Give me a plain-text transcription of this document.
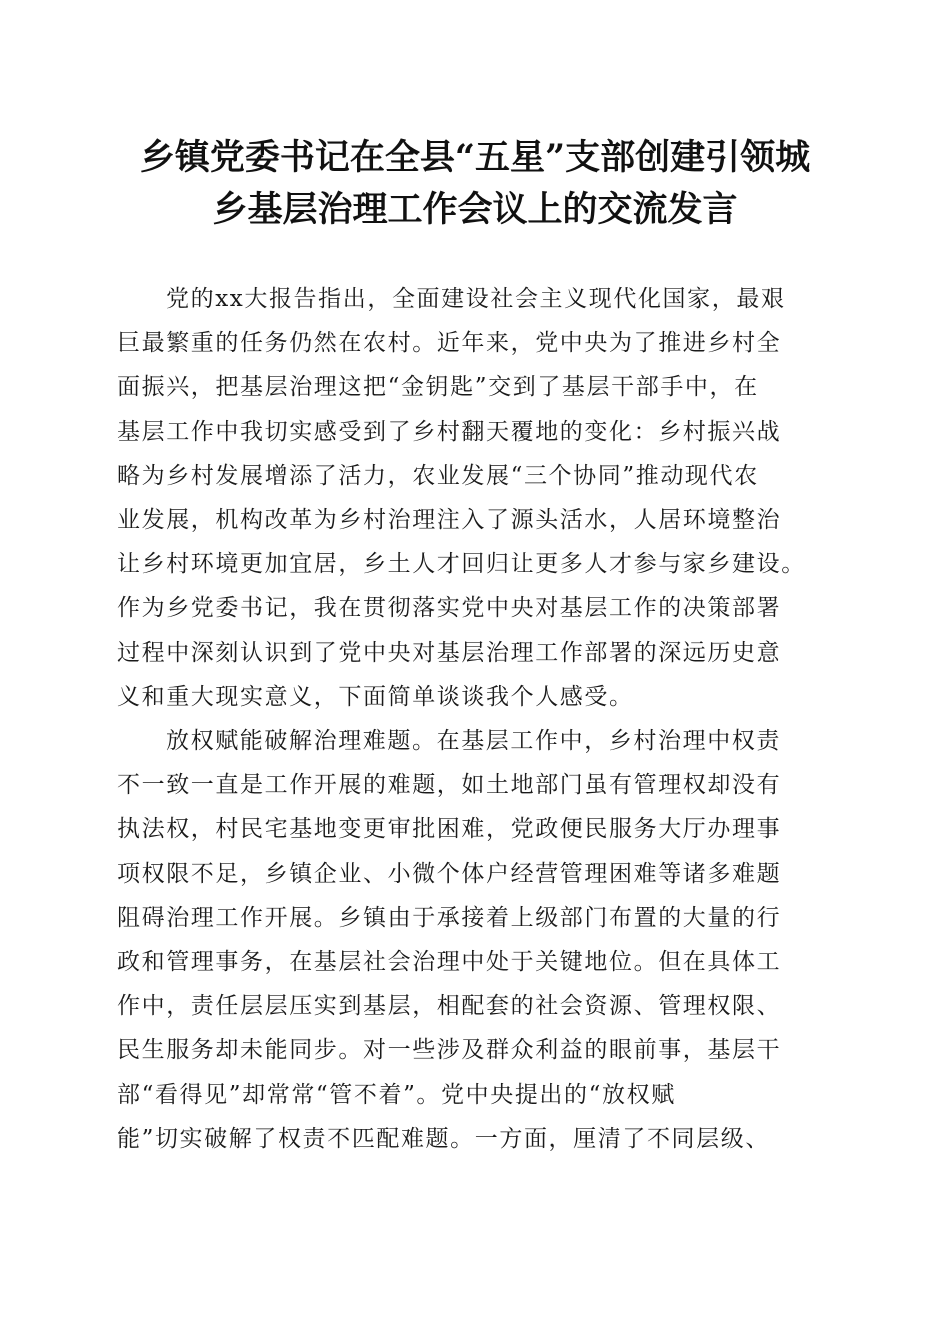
乡镇党委书记在全县“五星”支部创建引领城
乡基层治理工作会议上的交流发言
党的xx大报告指出，全面建设社会主义现代化国家，最艰
巨最繁重的任务仍然在农村。近年来，党中央为了推进乡村全
面振兴，把基层治理这把“金钥匙”交到了基层干部手中，在
基层工作中我切实感受到了乡村翻天覆地的变化：乡村振兴战
略为乡村发展增添了活力，农业发展“三个协同”推动现代农
业发展，机构改革为乡村治理注入了源头活水，人居环境整治
让乡村环境更加宜居，乡土人才回归让更多人才参与家乡建设。
作为乡党委书记，我在贯彻落实党中央对基层工作的决策部署
过程中深刻认识到了党中央对基层治理工作部署的深远历史意
义和重大现实意义，下面简单谈谈我个人感受。
放权赋能破解治理难题。在基层工作中，乡村治理中权责
不一致一直是工作开展的难题，如土地部门虽有管理权却没有
执法权，村民宅基地变更审批困难，党政便民服务大厅办理事
项权限不足，乡镇企业、小微个体户经营管理困难等诸多难题
阻碍治理工作开展。乡镇由于承接着上级部门布置的大量的行
政和管理事务，在基层社会治理中处于关键地位。但在具体工
作中，责任层层压实到基层，相配套的社会资源、管理权限、
民生服务却未能同步。对一些涉及群众利益的眼前事，基层干
部“看得见”却常常“管不着”。党中央提出的“放权赋
能”切实破解了权责不匹配难题。一方面，厘清了不同层级、
